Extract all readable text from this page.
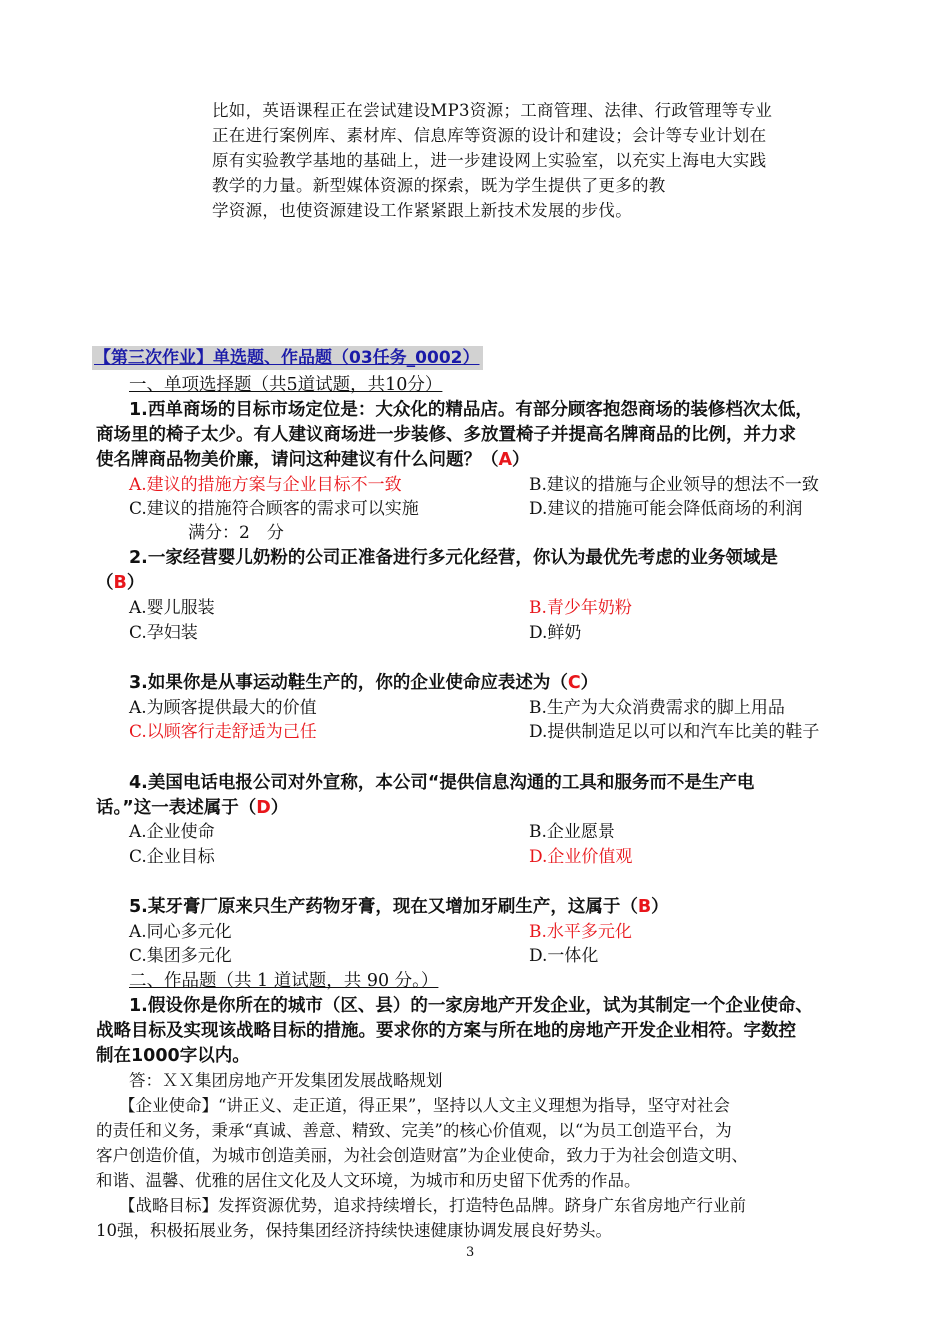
比如，英语课程正在尝试建设MP3资源；工商管理、法律、行政管理等专业
正在进行案例库、素材库、信息库等资源的设计和建设；会计等专业计划在
原有实验教学基地的基础上，进一步建设网上实验室，以充实上海电大实践
教学的力量。新型媒体资源的探索，既为学生提供了更多的教
学资源，也使资源建设工作紧紧跟上新技术发展的步伐。
【第三次作业】单选题、作品题（03任务_0002）
一、单项选择题（共5道试题，共10分）
1.西单商场的目标市场定位是：大众化的精品店。有部分顾客抱怨商场的装修档次太低，
商场里的椅子太少。有人建议商场进一步装修、多放置椅子并提高名牌商品的比例，并力求
使名牌商品物美价廉，请问这种建议有什么问题？（A）
A.建议的措施方案与企业目标不一致	B.建议的措施与企业领导的想法不一致
C.建议的措施符合顾客的需求可以实施	D.建议的措施可能会降低商场的利润
满分：2　分
2.一家经营婴儿奶粉的公司正准备进行多元化经营，你认为最优先考虑的业务领域是
（B）
A.婴儿服装	B.青少年奶粉
C.孕妇装	D.鲜奶
3.如果你是从事运动鞋生产的，你的企业使命应表述为（C）
A.为顾客提供最大的价值	B.生产为大众消费需求的脚上用品
C.以顾客行走舒适为己任	D.提供制造足以可以和汽车比美的鞋子
4.美国电话电报公司对外宣称，本公司“提供信息沟通的工具和服务而不是生产电
话。”这一表述属于（D）
A.企业使命	B.企业愿景
C.企业目标	D.企业价值观
5.某牙膏厂原来只生产药物牙膏，现在又增加牙刷生产，这属于（B）
A.同心多元化	B.水平多元化
C.集团多元化	D.一体化
二、作品题（共 1 道试题，共 90 分。）
1.假设你是你所在的城市（区、县）的一家房地产开发企业，试为其制定一个企业使命、
战略目标及实现该战略目标的措施。要求你的方案与所在地的房地产开发企业相符。字数控
制在1000字以内。
答：ＸＸ集团房地产开发集团发展战略规划
【企业使命】“讲正义、走正道，得正果”，坚持以人文主义理想为指导，坚守对社会
的责任和义务，秉承“真诚、善意、精致、完美”的核心价值观，以“为员工创造平台，为
客户创造价值，为城市创造美丽，为社会创造财富”为企业使命，致力于为社会创造文明、
和谐、温馨、优雅的居住文化及人文环境，为城市和历史留下优秀的作品。
【战略目标】发挥资源优势，追求持续增长，打造特色品牌。跻身广东省房地产行业前
10强，积极拓展业务，保持集团经济持续快速健康协调发展良好势头。
3
